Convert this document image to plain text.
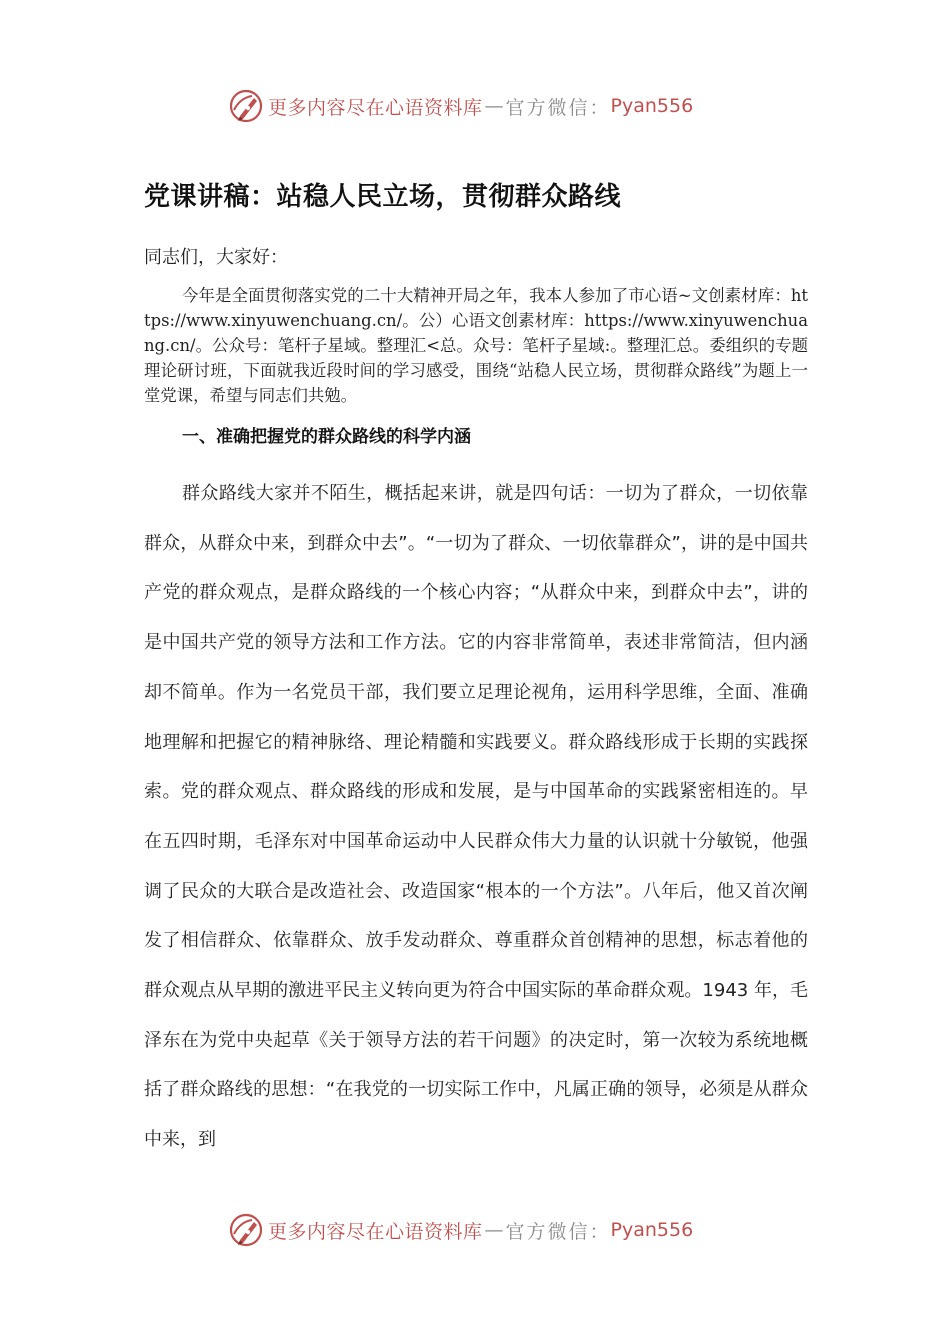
更多内容尽在心语资料库 — 官方微信： Pyan556
党课讲稿：站稳人民立场，贯彻群众路线
同志们，大家好：

今年是全面贯彻落实党的二十大精神开局之年，我本人参加了市心语~文创素材库：https://www.xinyuwenchuang.cn/。公）心语文创素材库：https://www.xinyuwenchuang.cn/。公众号：笔杆子星域。整理汇<总。众号：笔杆子星域:。整理汇总。委组织的专题理论研讨班，下面就我近段时间的学习感受，围绕“站稳人民立场，贯彻群众路线”为题上一堂党课，希望与同志们共勉。

一、准确把握党的群众路线的科学内涵

群众路线大家并不陌生，概括起来讲，就是四句话：一切为了群众，一切依靠群众，从群众中来，到群众中去”。“一切为了群众、一切依靠群众”，讲的是中国共产党的群众观点，是群众路线的一个核心内容；“从群众中来，到群众中去”，讲的是中国共产党的领导方法和工作方法。它的内容非常简单，表述非常简洁，但内涵却不简单。作为一名党员干部，我们要立足理论视角，运用科学思维，全面、准确地理解和把握它的精神脉络、理论精髓和实践要义。群众路线形成于长期的实践探索。党的群众观点、群众路线的形成和发展，是与中国革命的实践紧密相连的。早在五四时期，毛泽东对中国革命运动中人民群众伟大力量的认识就十分敏锐，他强调了民众的大联合是改造社会、改造国家“根本的一个方法”。八年后，他又首次阐发了相信群众、依靠群众、放手发动群众、尊重群众首创精神的思想，标志着他的群众观点从早期的激进平民主义转向更为符合中国实际的革命群众观。1943 年，毛泽东在为党中央起草《关于领导方法的若干问题》的决定时，第一次较为系统地概括了群众路线的思想：“在我党的一切实际工作中，凡属正确的领导，必须是从群众中来，到

更多内容尽在心语资料库 — 官方微信： Pyan556
